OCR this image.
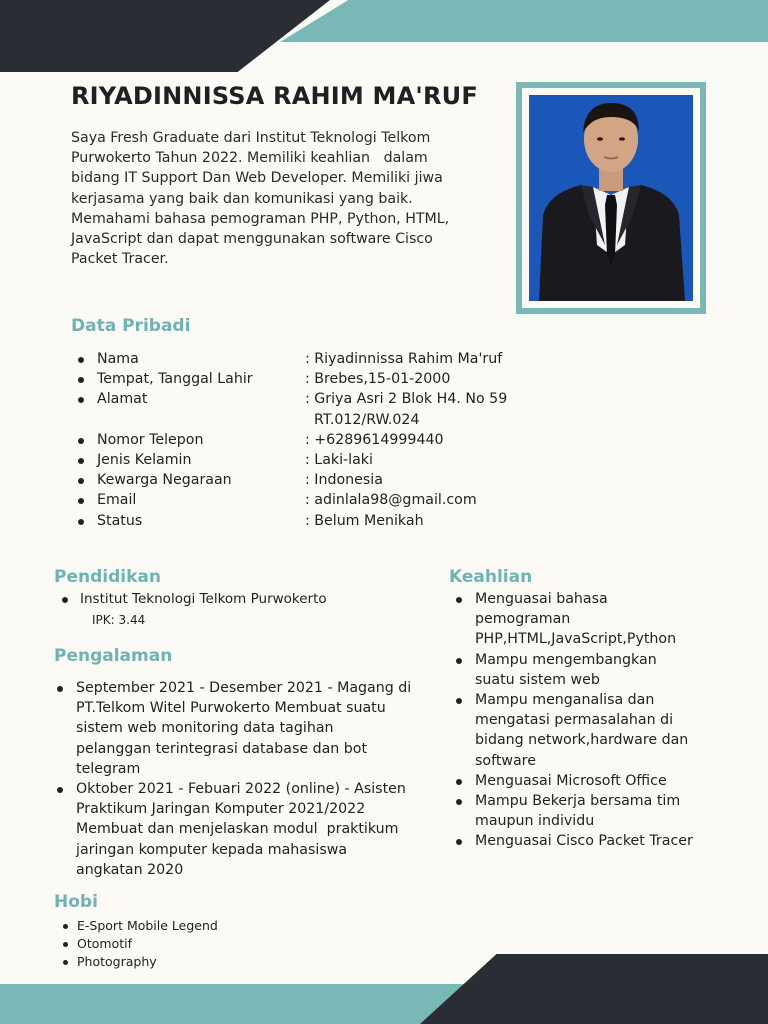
RIYADINNISSA RAHIM MA'RUF
Saya Fresh Graduate dari Institut Teknologi Telkom
Purwokerto Tahun 2022. Memiliki keahlian   dalam
bidang IT Support Dan Web Developer. Memiliki jiwa
kerjasama yang baik dan komunikasi yang baik.
Memahami bahasa pemograman PHP, Python, HTML,
JavaScript dan dapat menggunakan software Cisco
Packet Tracer.
Data Pribadi
Nama	: Riyadinnissa Rahim Ma'ruf
Tempat, Tanggal Lahir	: Brebes,15-01-2000
Alamat	: Griya Asri 2 Blok H4. No 59
RT.012/RW.024
Nomor Telepon	: +6289614999440
Jenis Kelamin	: Laki-laki
Kewarga Negaraan	: Indonesia
Email	: adinlala98@gmail.com
Status	: Belum Menikah
Pendidikan
Institut Teknologi Telkom Purwokerto
IPK: 3.44
Pengalaman
September 2021 - Desember 2021 - Magang di
PT.Telkom Witel Purwokerto Membuat suatu
sistem web monitoring data tagihan
pelanggan terintegrasi database dan bot
telegram
Oktober 2021 - Febuari 2022 (online) - Asisten
Praktikum Jaringan Komputer 2021/2022
Membuat dan menjelaskan modul  praktikum
jaringan komputer kepada mahasiswa
angkatan 2020
Keahlian
Menguasai bahasa
pemograman
PHP,HTML,JavaScript,Python
Mampu mengembangkan
suatu sistem web
Mampu menganalisa dan
mengatasi permasalahan di
bidang network,hardware dan
software
Menguasai Microsoft Office
Mampu Bekerja bersama tim
maupun individu
Menguasai Cisco Packet Tracer
Hobi
E-Sport Mobile Legend
Otomotif
Photography
